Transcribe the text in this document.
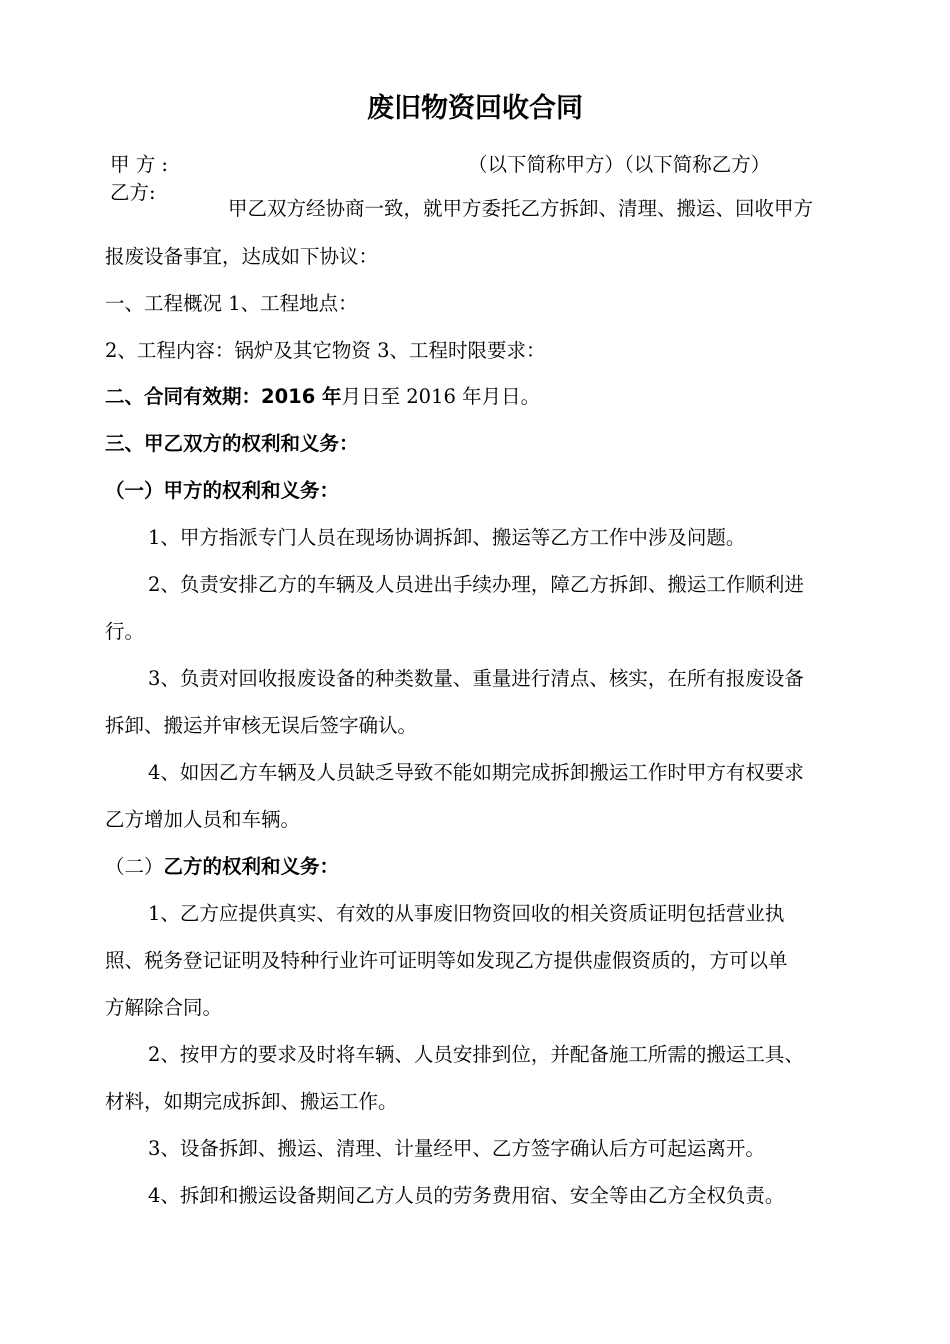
废旧物资回收合同
甲 方 :	（以下简称甲方）（以下简称乙方）
乙方:
甲乙双方经协商一致，就甲方委托乙方拆卸、清理、搬运、回收甲方
报废设备事宜，达成如下协议：
一、工程概况 1、工程地点：
2、工程内容：锅炉及其它物资 3、工程时限要求：
二、合同有效期：2016 年月日至 2016 年月日。
三、甲乙双方的权利和义务：
（一）甲方的权利和义务：
1、甲方指派专门人员在现场协调拆卸、搬运等乙方工作中涉及问题。
2、负责安排乙方的车辆及人员进出手续办理，障乙方拆卸、搬运工作顺利进
行。
3、负责对回收报废设备的种类数量、重量进行清点、核实，在所有报废设备
拆卸、搬运并审核无误后签字确认。
4、如因乙方车辆及人员缺乏导致不能如期完成拆卸搬运工作时甲方有权要求
乙方增加人员和车辆。
（二）乙方的权利和义务：
1、乙方应提供真实、有效的从事废旧物资回收的相关资质证明包括营业执
照、税务登记证明及特种行业许可证明等如发现乙方提供虚假资质的，方可以单
方解除合同。
2、按甲方的要求及时将车辆、人员安排到位，并配备施工所需的搬运工具、
材料，如期完成拆卸、搬运工作。
3、设备拆卸、搬运、清理、计量经甲、乙方签字确认后方可起运离开。
4、拆卸和搬运设备期间乙方人员的劳务费用宿、安全等由乙方全权负责。
